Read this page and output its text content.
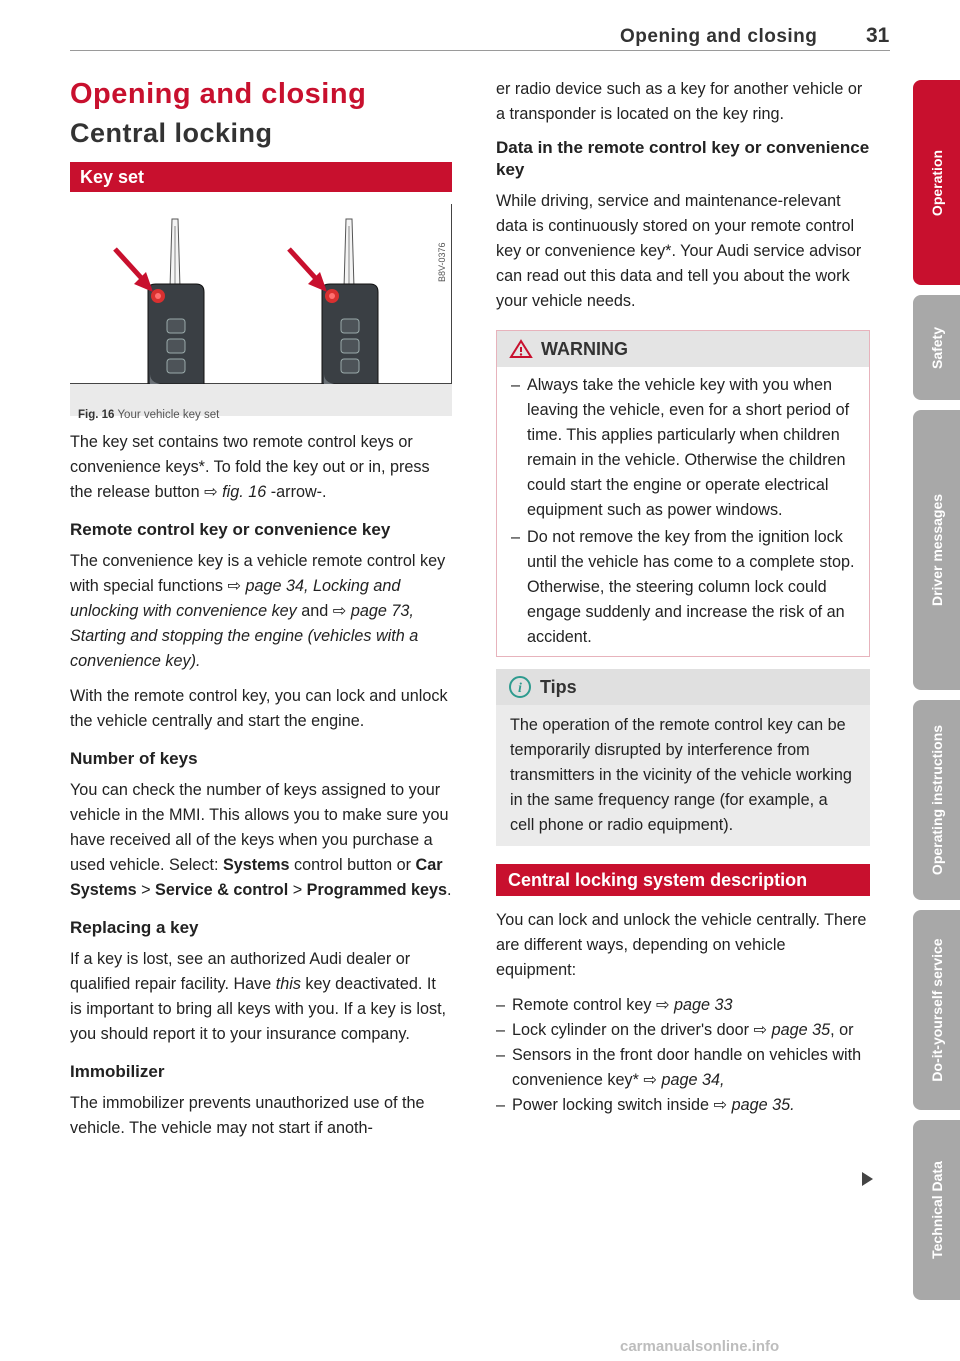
Opening and closing 31
Opening and closing
Central locking
Key set
B8V-0376
Fig. 16 Your vehicle key set

The key set contains two remote control keys or convenience keys*. To fold the key out or in, press the release button ⇨ fig. 16 -arrow-.

Remote control key or convenience key

The convenience key is a vehicle remote control key with special functions ⇨ page 34, Locking and unlocking with convenience key and ⇨ page 73, Starting and stopping the engine (vehicles with a convenience key).

With the remote control key, you can lock and unlock the vehicle centrally and start the engine.

Number of keys

You can check the number of keys assigned to your vehicle in the MMI. This allows you to make sure you have received all of the keys when you purchase a used vehicle. Select: Systems control button or Car Systems > Service & control > Programmed keys.

Replacing a key

If a key is lost, see an authorized Audi dealer or qualified repair facility. Have this key deactivated. It is important to bring all keys with you. If a key is lost, you should report it to your insurance company.

Immobilizer

The immobilizer prevents unauthorized use of the vehicle. The vehicle may not start if anoth-

er radio device such as a key for another vehicle or a transponder is located on the key ring.

Data in the remote control key or convenience key

While driving, service and maintenance-relevant data is continuously stored on your remote control key or convenience key*. Your Audi service advisor can read out this data and tell you about the work your vehicle needs.

WARNING
– Always take the vehicle key with you when leaving the vehicle, even for a short period of time. This applies particularly when children remain in the vehicle. Otherwise the children could start the engine or operate electrical equipment such as power windows.
– Do not remove the key from the ignition lock until the vehicle has come to a complete stop. Otherwise, the steering column lock could engage suddenly and increase the risk of an accident.
i Tips
The operation of the remote control key can be temporarily disrupted by interference from transmitters in the vicinity of the vehicle working in the same frequency range (for example, a cell phone or radio equipment).
Central locking system description

You can lock and unlock the vehicle centrally. There are different ways, depending on vehicle equipment:

– Remote control key ⇨ page 33
– Lock cylinder on the driver's door ⇨ page 35, or
– Sensors in the front door handle on vehicles with convenience key* ⇨ page 34,
– Power locking switch inside ⇨ page 35.
Operation
Safety
Driver messages
Operating instructions
Do-it-yourself service
Technical Data
carmanualsonline.info
